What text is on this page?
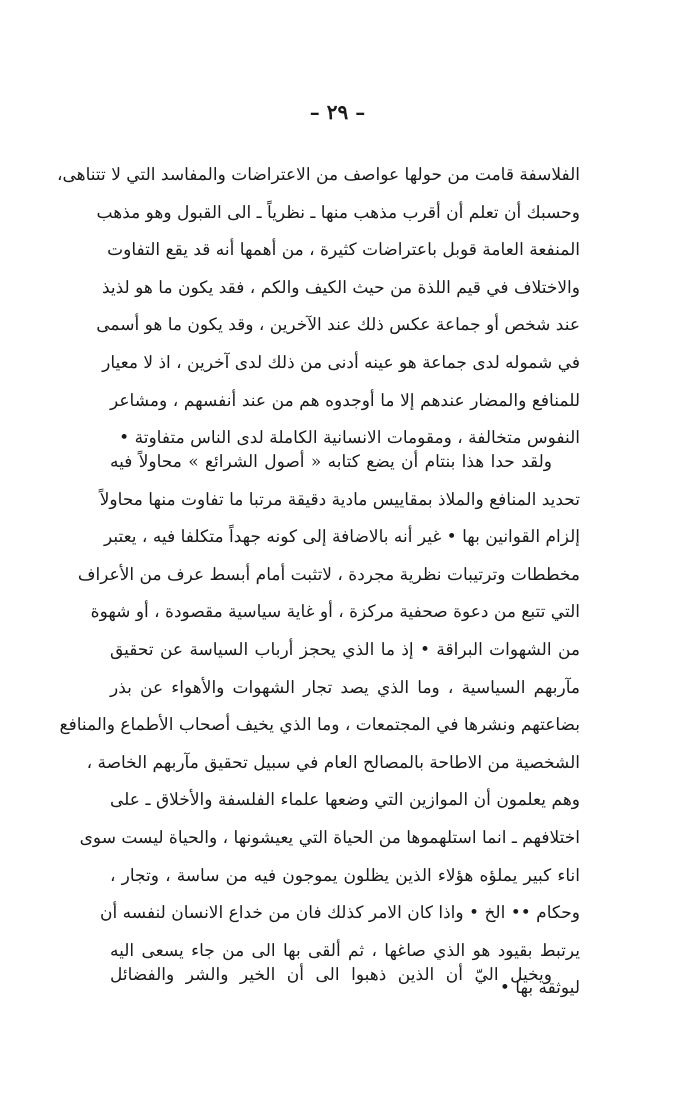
– ٢٩ –
الفلاسفة قامت من حولها عواصف من الاعتراضات والمفاسد التي لا تتناهى،
وحسبك أن تعلم أن أقرب مذهب منها ـ نظرياً ـ الى القبول وهو مذهب
المنفعة العامة قوبل باعتراضات كثيرة ، من أهمها أنه قد يقع التفاوت
والاختلاف في قيم اللذة من حيث الكيف والكم ، فقد يكون ما هو لذيذ
عند شخص أو جماعة عكس ذلك عند الآخرين ، وقد يكون ما هو أسمى
في شموله لدى جماعة هو عينه أدنى من ذلك لدى آخرين ، اذ لا معيار
للمنافع والمضار عندهم إلا ما أوجدوه هم من عند أنفسهم ، ومشاعر
النفوس متخالفة ، ومقومات الانسانية الكاملة لدى الناس متفاوتة •
ولقد حدا هذا بنتام أن يضع كتابه « أصول الشرائع » محاولاً فيه
تحديد المنافع والملاذ بمقاييس مادية دقيقة مرتبا ما تفاوت منها محاولاً
إلزام القوانين بها • غير أنه بالاضافة إلى كونه جهداً متكلفا فيه ، يعتبر
مخططات وترتيبات نظرية مجردة ، لاتثبت أمام أبسط عرف من الأعراف
التي تتبع من دعوة صحفية مركزة ، أو غاية سياسية مقصودة ، أو شهوة
من الشهوات البراقة • إذ ما الذي يحجز أرباب السياسة عن تحقيق
مآربهم السياسية ، وما الذي يصد تجار الشهوات والأهواء عن بذر
بضاعتهم ونشرها في المجتمعات ، وما الذي يخيف أصحاب الأطماع والمنافع
الشخصية من الاطاحة بالمصالح العام في سبيل تحقيق مآربهم الخاصة ،
وهم يعلمون أن الموازين التي وضعها علماء الفلسفة والأخلاق ـ على
اختلافهم ـ انما استلهموها من الحياة التي يعيشونها ، والحياة ليست سوى
اناء كبير يملؤه هؤلاء الذين يظلون يموجون فيه من ساسة ، وتجار ،
وحكام •• الخ • واذا كان الامر كذلك فان من خداع الانسان لنفسه أن
يرتبط بقيود هو الذي صاغها ، ثم ألقى بها الى من جاء يسعى اليه
ليوثقه بها •
ويخيل اليّ أن الذين ذهبوا الى أن الخير والشر والفضائل
